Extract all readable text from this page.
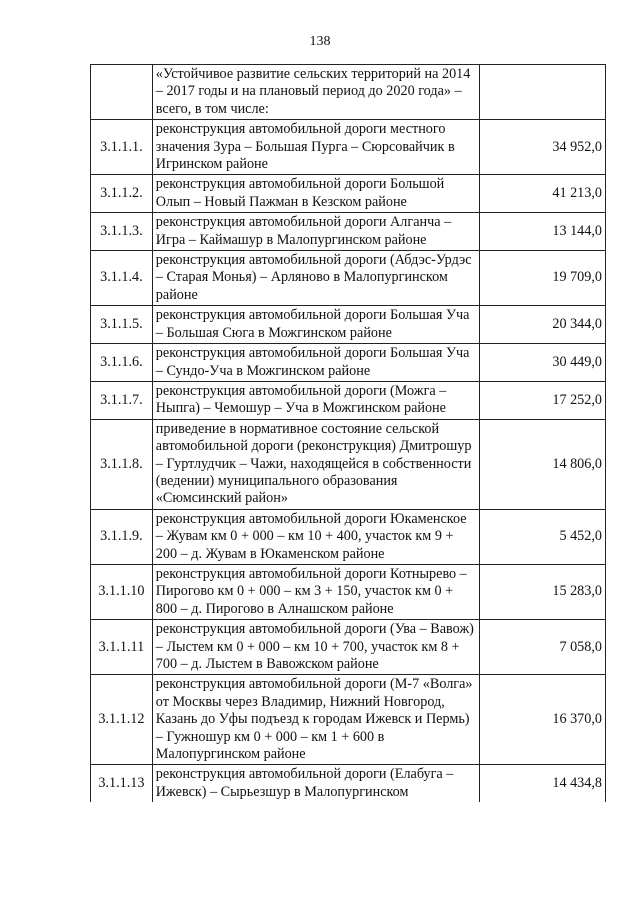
138
	«Устойчивое развитие сельских территорий на 2014 – 2017 годы и на плановый период до 2020 года» – всего, в том числе:	
3.1.1.1.	реконструкция автомобильной дороги местного значения Зура – Большая Пурга – Сюрсовайчик в Игринском районе	34 952,0
3.1.1.2.	реконструкция автомобильной дороги Большой Олып – Новый Пажман в Кезском районе	41 213,0
3.1.1.3.	реконструкция автомобильной дороги Алганча – Игра – Каймашур в Малопургинском районе	13 144,0
3.1.1.4.	реконструкция автомобильной дороги (Абдэс-Урдэс – Старая Монья) – Арляново в Малопургинском районе	19 709,0
3.1.1.5.	реконструкция автомобильной дороги Большая Уча – Большая Сюга в Можгинском районе	20 344,0
3.1.1.6.	реконструкция автомобильной дороги Большая Уча – Сундо-Уча в Можгинском районе	30 449,0
3.1.1.7.	реконструкция автомобильной дороги (Можга – Ныпга) – Чемошур – Уча в Можгинском районе	17 252,0
3.1.1.8.	приведение в нормативное состояние сельской автомобильной дороги (реконструкция) Дмитрошур – Гуртлудчик – Чажи, находящейся в собственности (ведении) муниципального образования «Сюмсинский район»	14 806,0
3.1.1.9.	реконструкция автомобильной дороги Юкаменское – Жувам км 0 + 000 – км 10 + 400, участок км 9 + 200 – д. Жувам в Юкаменском районе	5 452,0
3.1.1.10	реконструкция автомобильной дороги Котныpево – Пирогово км 0 + 000 – км 3 + 150, участок км 0 + 800 – д. Пирогово в Алнашском районе	15 283,0
3.1.1.11	реконструкция автомобильной дороги (Ува – Вавож) – Лыстем км 0 + 000 – км 10 + 700, участок км 8 + 700 – д. Лыстем в Вавожском районе	7 058,0
3.1.1.12	реконструкция автомобильной дороги (М-7 «Волга» от Москвы через Владимир, Нижний Новгород, Казань до Уфы подъезд к городам Ижевск и Пермь) – Гужношур км 0 + 000 – км 1 + 600 в Малопургинском районе	16 370,0
3.1.1.13	реконструкция автомобильной дороги (Елабуга – Ижевск) – Сырьезшур в Малопургинском	14 434,8
